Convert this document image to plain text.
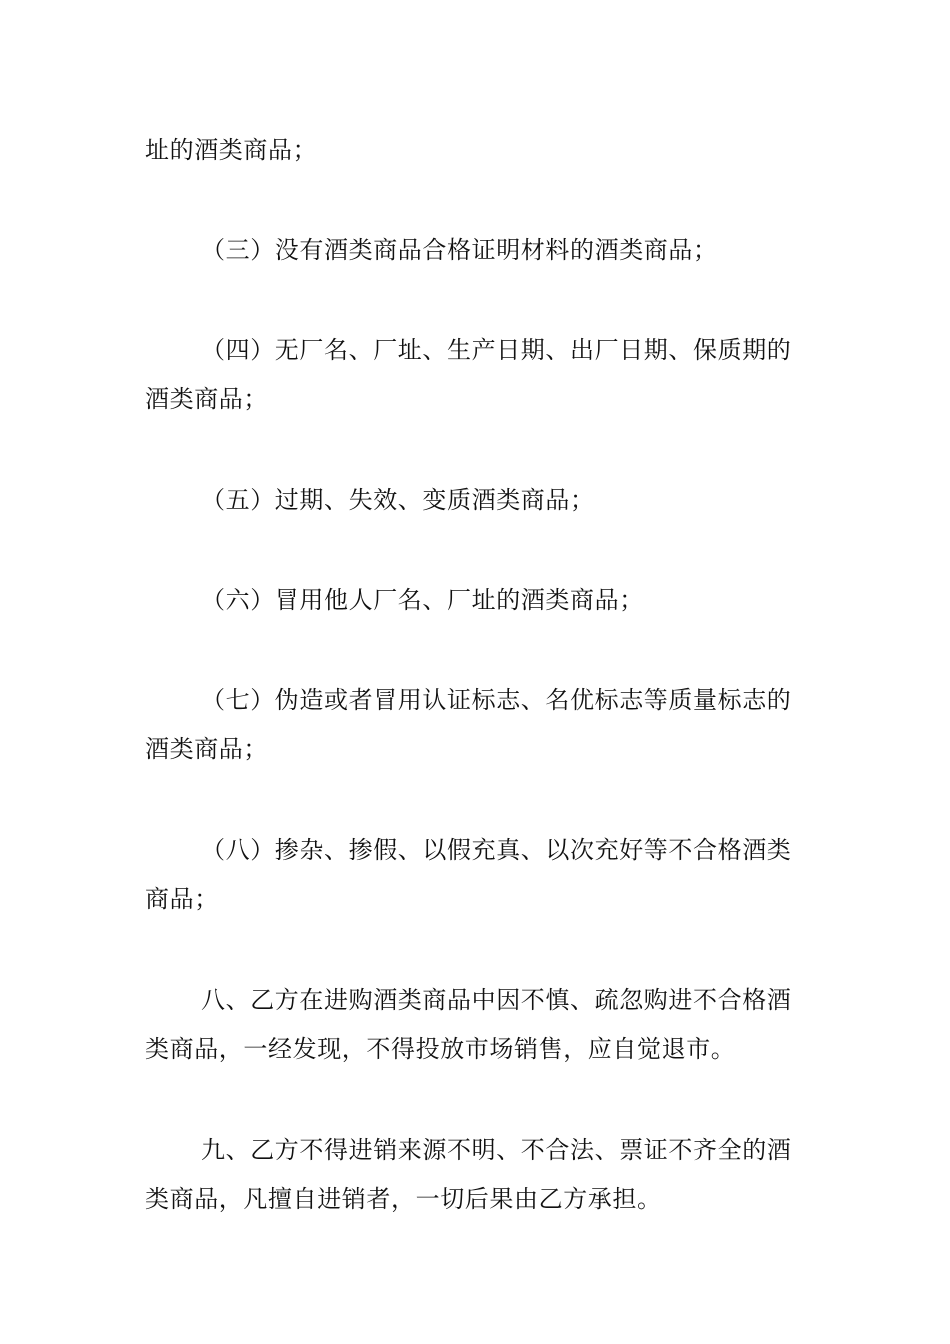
址的酒类商品；

（三）没有酒类商品合格证明材料的酒类商品；

（四）无厂名、厂址、生产日期、出厂日期、保质期的酒类商品；

（五）过期、失效、变质酒类商品；

（六）冒用他人厂名、厂址的酒类商品；

（七）伪造或者冒用认证标志、名优标志等质量标志的酒类商品；

（八）掺杂、掺假、以假充真、以次充好等不合格酒类商品；

八、乙方在进购酒类商品中因不慎、疏忽购进不合格酒类商品，一经发现，不得投放市场销售，应自觉退市。

九、乙方不得进销来源不明、不合法、票证不齐全的酒类商品，凡擅自进销者，一切后果由乙方承担。
